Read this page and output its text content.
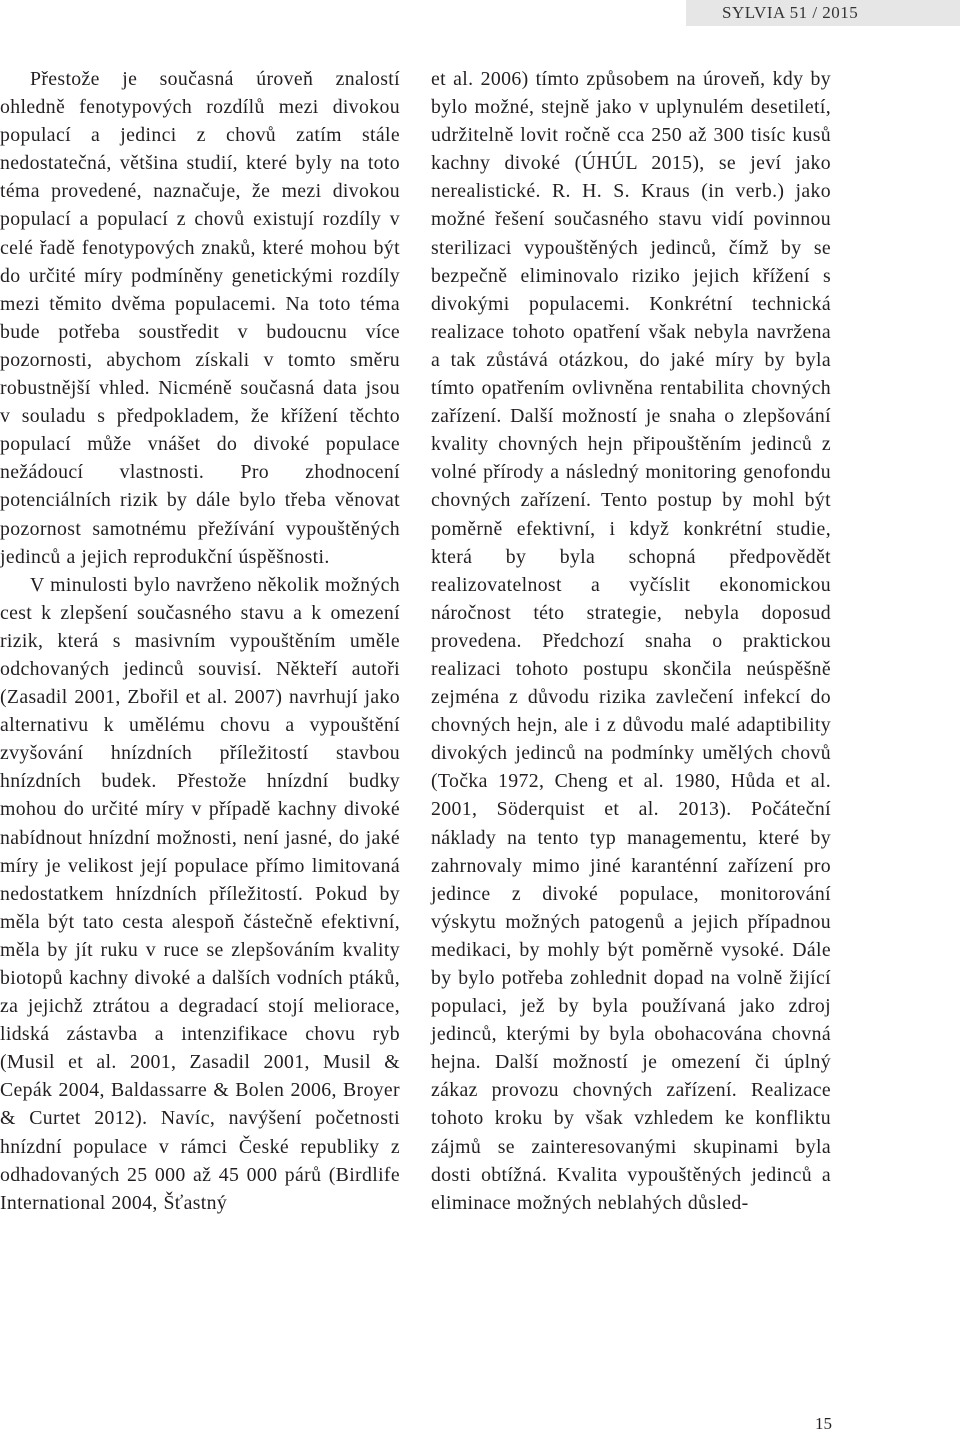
SYLVIA 51 / 2015

Přestože je současná úroveň znalostí ohledně fenotypových rozdílů mezi divokou populací a jedinci z chovů zatím stále nedostatečná, většina studií, které byly na toto téma provedené, naznačuje, že mezi divokou populací a populací z chovů existují rozdíly v celé řadě fenotypových znaků, které mohou být do určité míry podmíněny genetickými rozdíly mezi těmito dvěma populacemi. Na toto téma bude potřeba soustředit v budoucnu více pozornosti, abychom získali v tomto směru robustnější vhled. Nicméně současná data jsou v souladu s předpokladem, že křížení těchto populací může vnášet do divoké populace nežádoucí vlastnosti. Pro zhodnocení potenciálních rizik by dále bylo třeba věnovat pozornost samotnému přežívání vypouštěných jedinců a jejich reprodukční úspěšnosti.

V minulosti bylo navrženo několik možných cest k zlepšení současného stavu a k omezení rizik, která s masivním vypouštěním uměle odchovaných jedinců souvisí. Někteří autoři (Zasadil 2001, Zbořil et al. 2007) navrhují jako alternativu k umělému chovu a vypouštění zvyšování hnízdních příležitostí stavbou hnízdních budek. Přestože hnízdní budky mohou do určité míry v případě kachny divoké nabídnout hnízdní možnosti, není jasné, do jaké míry je velikost její populace přímo limitovaná nedostatkem hnízdních příležitostí. Pokud by měla být tato cesta alespoň částečně efektivní, měla by jít ruku v ruce se zlepšováním kvality biotopů kachny divoké a dalších vodních ptáků, za jejichž ztrátou a degradací stojí meliorace, lidská zástavba a intenzifikace chovu ryb (Musil et al. 2001, Zasadil 2001, Musil & Cepák 2004, Baldassarre & Bolen 2006, Broyer & Curtet 2012). Navíc, navýšení početnosti hnízdní populace v rámci České republiky z odhadovaných 25 000 až 45 000 párů (Birdlife International 2004, Šťastný

et al. 2006) tímto způsobem na úroveň, kdy by bylo možné, stejně jako v uplynulém desetiletí, udržitelně lovit ročně cca 250 až 300 tisíc kusů kachny divoké (ÚHÚL 2015), se jeví jako nerealistické. R. H. S. Kraus (in verb.) jako možné řešení současného stavu vidí povinnou sterilizaci vypouštěných jedinců, čímž by se bezpečně eliminovalo riziko jejich křížení s divokými populacemi. Konkrétní technická realizace tohoto opatření však nebyla navržena a tak zůstává otázkou, do jaké míry by byla tímto opatřením ovlivněna rentabilita chovných zařízení. Další možností je snaha o zlepšování kvality chovných hejn připouštěním jedinců z volné přírody a následný monitoring genofondu chovných zařízení. Tento postup by mohl být poměrně efektivní, i když konkrétní studie, která by byla schopná předpovědět realizovatelnost a vyčíslit ekonomickou náročnost této strategie, nebyla doposud provedena. Předchozí snaha o praktickou realizaci tohoto postupu skončila neúspěšně zejména z důvodu rizika zavlečení infekcí do chovných hejn, ale i z důvodu malé adaptibility divokých jedinců na podmínky umělých chovů (Točka 1972, Cheng et al. 1980, Hůda et al. 2001, Söderquist et al. 2013). Počáteční náklady na tento typ managementu, které by zahrnovaly mimo jiné karanténní zařízení pro jedince z divoké populace, monitorování výskytu možných patogenů a jejich případnou medikaci, by mohly být poměrně vysoké. Dále by bylo potřeba zohlednit dopad na volně žijící populaci, jež by byla používaná jako zdroj jedinců, kterými by byla obohacována chovná hejna. Další možností je omezení či úplný zákaz provozu chovných zařízení. Realizace tohoto kroku by však vzhledem ke konfliktu zájmů se zainteresovanými skupinami byla dosti obtížná. Kvalita vypouštěných jedinců a eliminace možných neblahých důsled-

15
